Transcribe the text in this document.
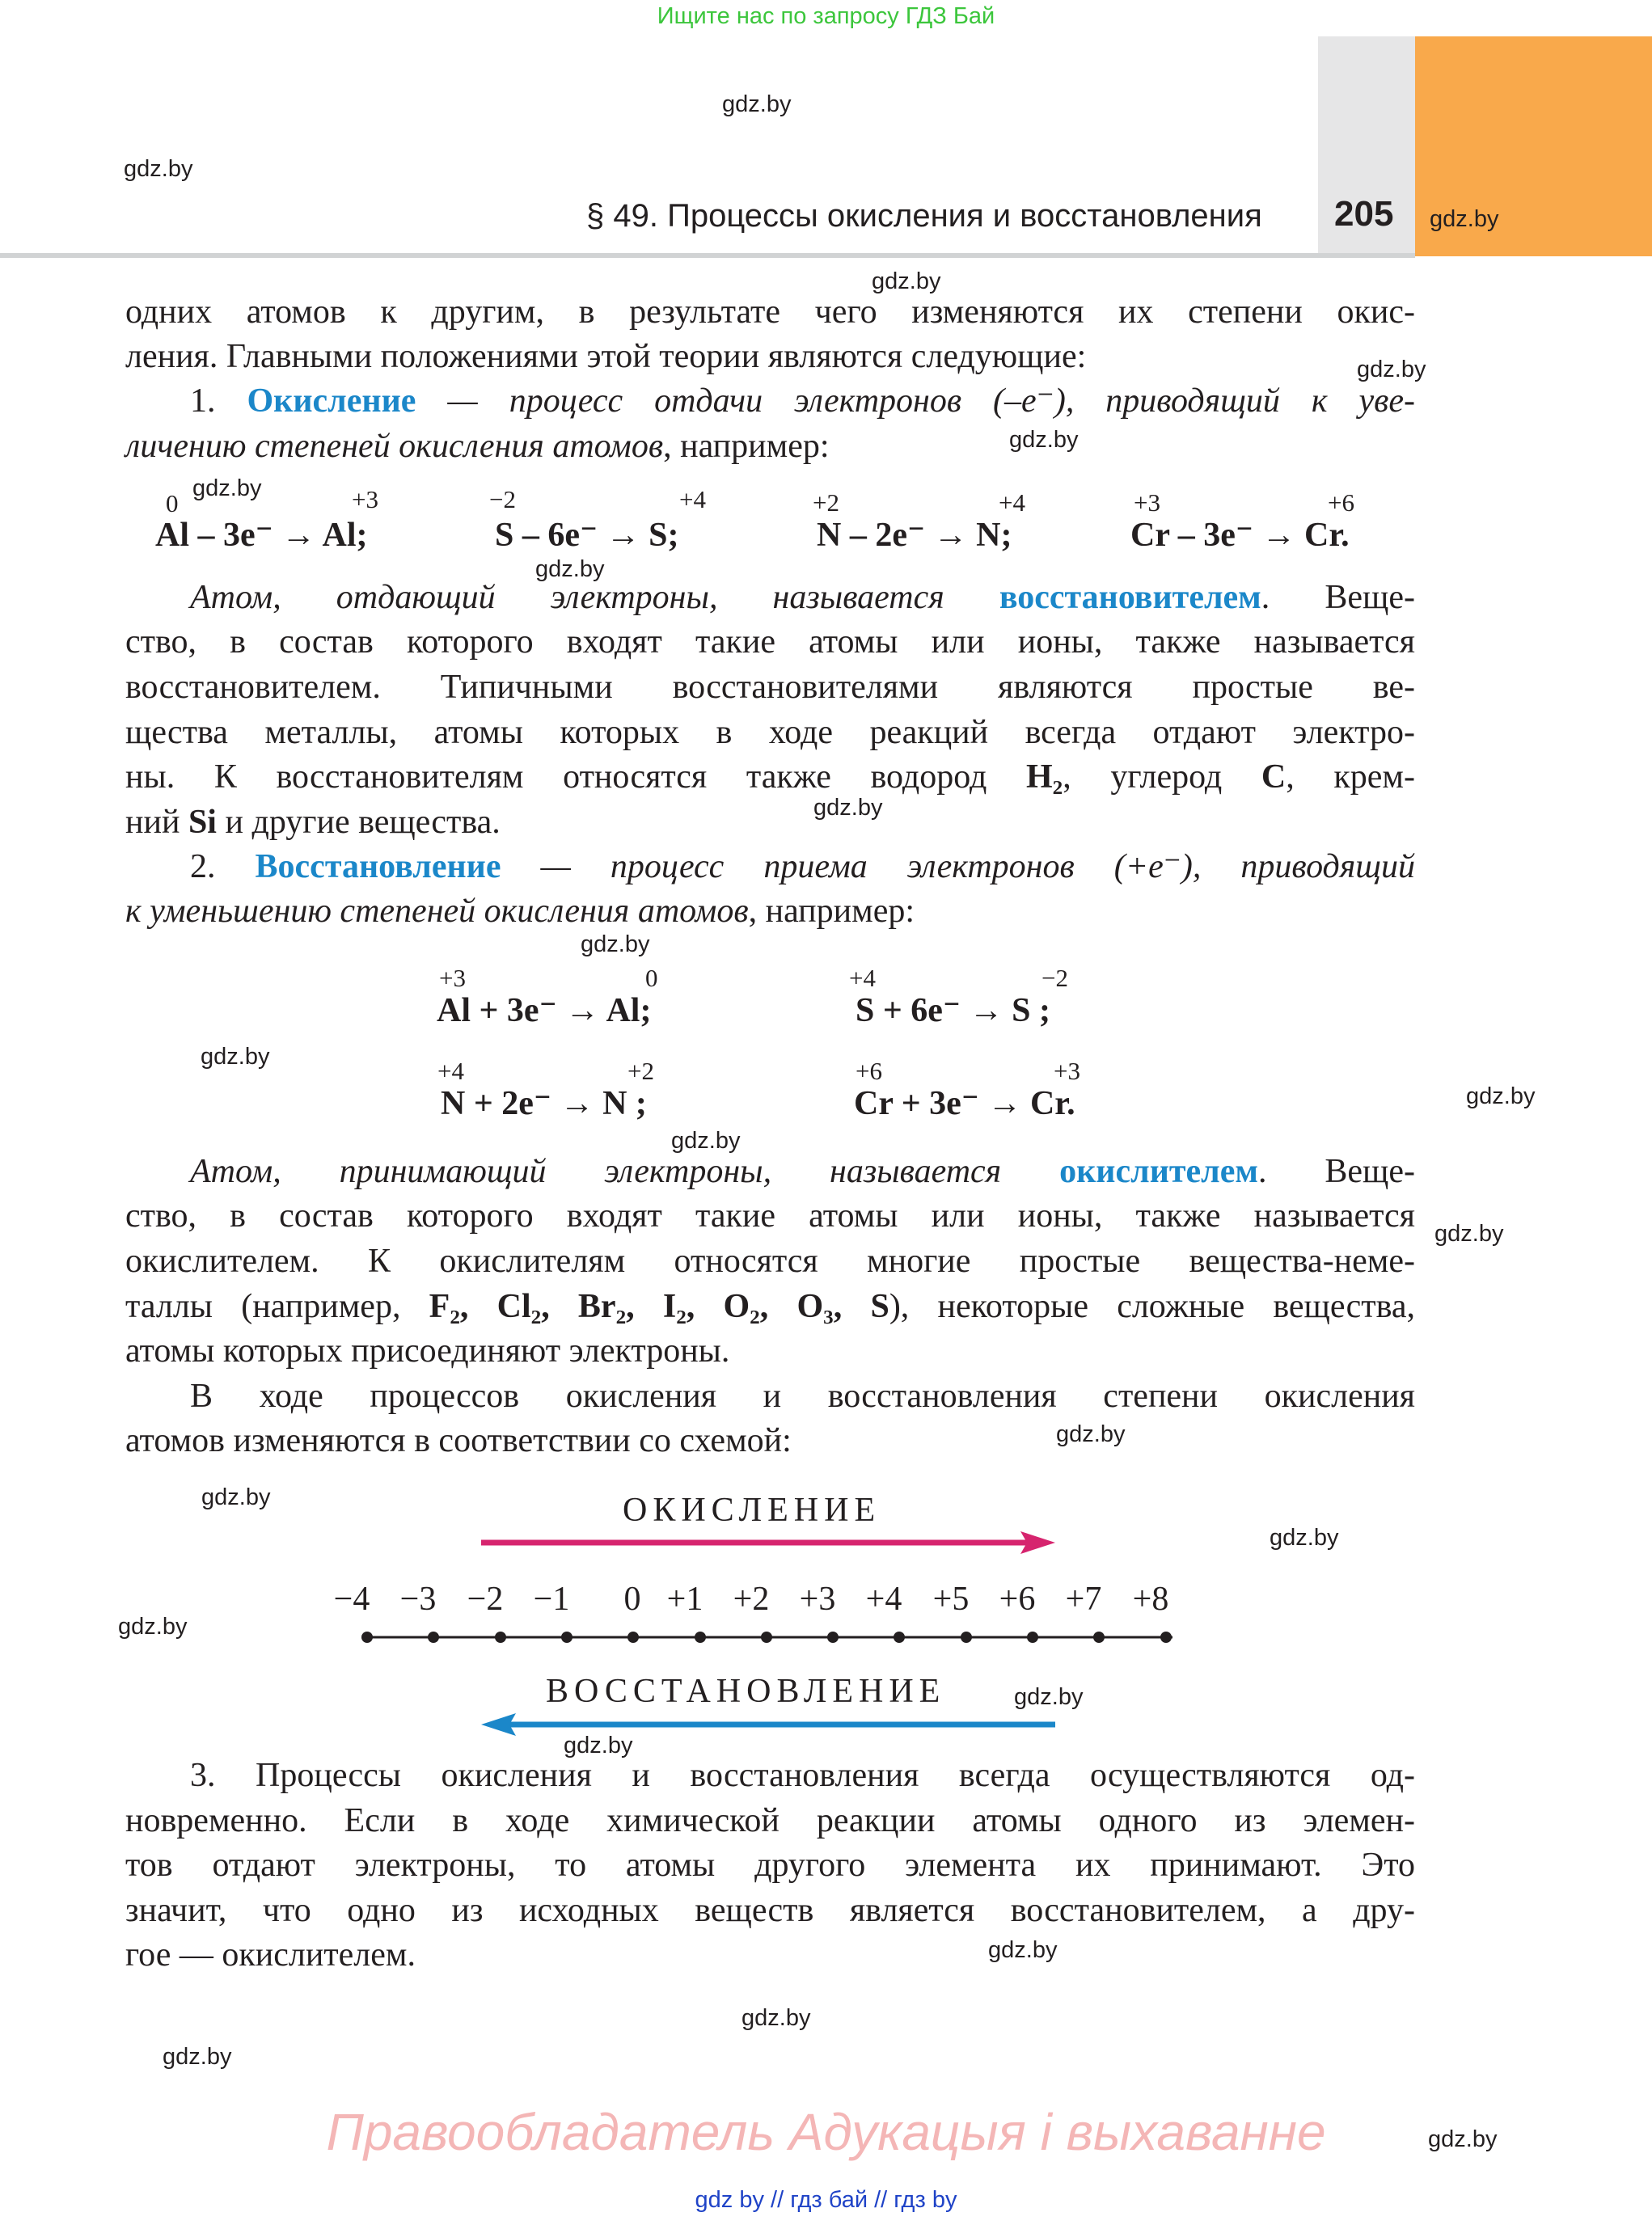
Ищите нас по запросу ГДЗ Бай
§ 49. Процессы окисления и восстановления 205
gdz.by
gdz.by
gdz.by
gdz.by
gdz.by
gdz.by
gdz.by
gdz.by
gdz.by
gdz.by
gdz.by
gdz.by
gdz.by
gdz.by
gdz.by
gdz.by
gdz.by
gdz.by
gdz.by
gdz.by
gdz.by
gdz.by
gdz.by
gdz.by
одних атомов к другим, в результате чего изменяются их степени окис-
ления. Главными положениями этой теории являются следующие:
1. Окисление — процесс отдачи электронов (–e⁻), приводящий к уве-
личению степеней окисления атомов, например:
0	+3
Al – 3e⁻ → Al;
−2	+4
S – 6e⁻ → S;
+2	+4
N – 2e⁻ → N;
+3	+6
Cr – 3e⁻ → Cr.
Атом, отдающий электроны, называется восстановителем. Веще-
ство, в состав которого входят такие атомы или ионы, также называется
восстановителем. Типичными восстановителями являются простые ве-
щества металлы, атомы которых в ходе реакций всегда отдают электро-
ны. К восстановителям относятся также водород H₂, углерод C, крем-
ний Si и другие вещества.
2. Восстановление — процесс приема электронов (+e⁻), приводящий
к уменьшению степеней окисления атомов, например:
+3	0
Al + 3e⁻ → Al;
+4	−2
S + 6e⁻ → S ;
+4	+2
N + 2e⁻ → N ;
+6	+3
Cr + 3e⁻ → Cr.
Атом, принимающий электроны, называется окислителем. Веще-
ство, в состав которого входят такие атомы или ионы, также называется
окислителем. К окислителям относятся многие простые вещества-неме-
таллы (например, F₂, Cl₂, Br₂, I₂, O₂, O₃, S), некоторые сложные вещества,
атомы которых присоединяют электроны.
В ходе процессов окисления и восстановления степени окисления
атомов изменяются в соответствии со схемой:
ОКИСЛЕНИЕ
−4 −3 −2 −1	0 +1 +2 +3 +4 +5 +6 +7 +8
ВОССТАНОВЛЕНИЕ
3. Процессы окисления и восстановления всегда осуществляются од-
новременно. Если в ходе химической реакции атомы одного из элемен-
тов отдают электроны, то атомы другого элемента их принимают. Это
значит, что одно из исходных веществ является восстановителем, а дру-
гое — окислителем.
Правообладатель Адукацыя і выхаванне
gdz by // гдз бай // гдз by
